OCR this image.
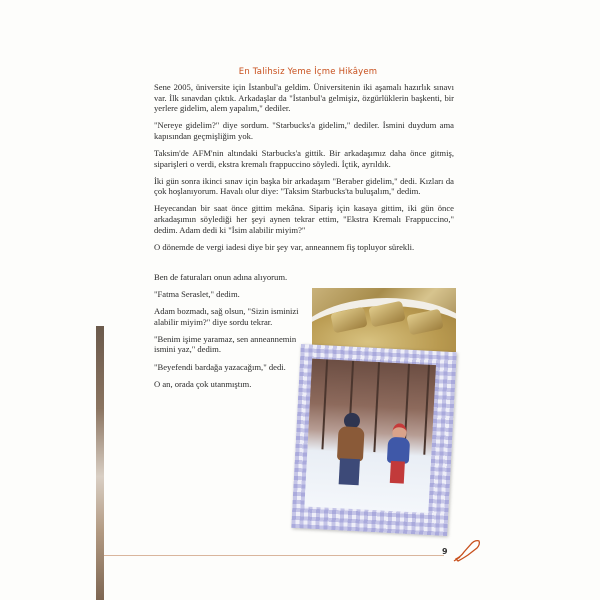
En Talihsiz Yeme İçme Hikâyem

Sene 2005, üniversite için İstanbul'a geldim. Üniversitenin iki aşamalı hazırlık sınavı var. İlk sınavdan çıktık. Arkadaşlar da "İstanbul'a gelmişiz, özgürlüklerin başkenti, bir yerlere gidelim, alem yapalım," dediler.

"Nereye gidelim?" diye sordum. "Starbucks'a gidelim," dediler. İsmini duydum ama kapısından geçmişliğim yok.

Taksim'de AFM'nin altındaki Starbucks'a gittik. Bir arkadaşımız daha önce gitmiş, siparişleri o verdi, ekstra kremalı frappuccino söyledi. İçtik, ayrıldık.

İki gün sonra ikinci sınav için başka bir arkadaşım "Beraber gidelim," dedi. Kızları da çok hoşlanıyorum. Havalı olur diye: "Taksim Starbucks'ta buluşalım," dedim.

Heyecandan bir saat önce gittim mekâna. Sipariş için kasaya gittim, iki gün önce arkadaşımın söylediği her şeyi aynen tekrar ettim, "Ekstra Kremalı Frappuccino," dedim. Adam dedi ki "İsim alabilir miyim?"

O dönemde de vergi iadesi diye bir şey var, anneannem fiş topluyor sürekli.

Ben de faturaları onun adına alıyorum.

"Fatma Seraslet," dedim.

Adam bozmadı, sağ olsun, "Sizin isminizi alabilir miyim?" diye sordu tekrar.

"Benim işime yaramaz, sen anneannemin ismini yaz," dedim.

"Beyefendi bardağa yazacağım," dedi.

O an, orada çok utanmıştım.

9
